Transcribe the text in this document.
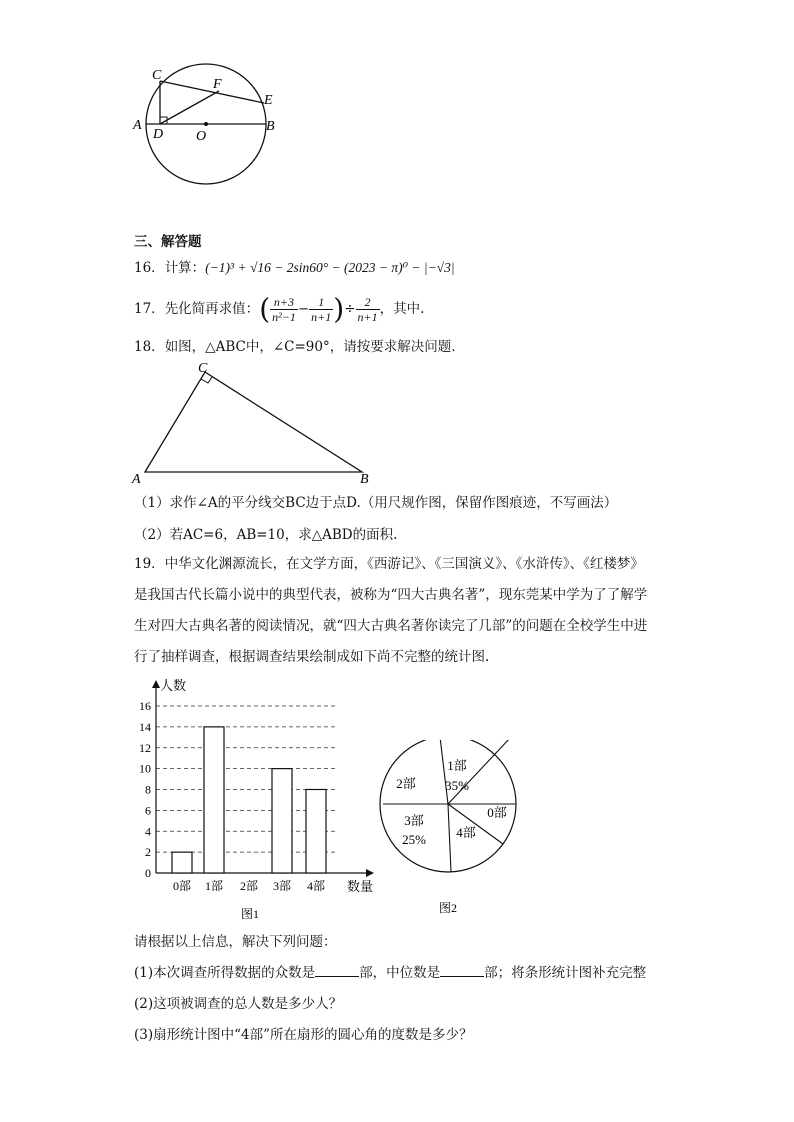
C
F
E
A	B
D O
三、解答题
16．计算：(−1)³ + √16 − 2sin60° − (2023 − π)⁰ − |−√3|
17．先化简再求值：( $\frac{n+3}{\text{n²−1}} - \frac{1}{n+1}$ )÷ $\frac{2}{n+1}$ ，其中.
18．如图，△ABC中，∠C=90°，请按要求解决问题.
C
A	B
（1）求作∠A的平分线交BC边于点D.（用尺规作图，保留作图痕迹，不写画法）
（2）若AC=6，AB=10，求△ABD的面积.
19．中华文化渊源流长，在文学方面，《西游记》、《三国演义》、《水浒传》、《红楼梦》是我国古代长篇小说中的典型代表，被称为“四大古典名著”，现东莞某中学为了了解学生对四大古典名著的阅读情况，就“四大古典名著你读完了几部”的问题在全校学生中进行了抽样调查，根据调查结果绘制成如下尚不完整的统计图.
0
2
4
6
8
10
12
14
16
人数
数量
0部 1部 2部 3部 4部
图1
1部
35%
0部
4部
3部
25%
2部
图2
请根据以上信息，解决下列问题：
(1)本次调查所得数据的众数是	部，中位数是	部；将条形统计图补充完整
(2)这项被调查的总人数是多少人？
(3)扇形统计图中“4部”所在扇形的圆心角的度数是多少？
